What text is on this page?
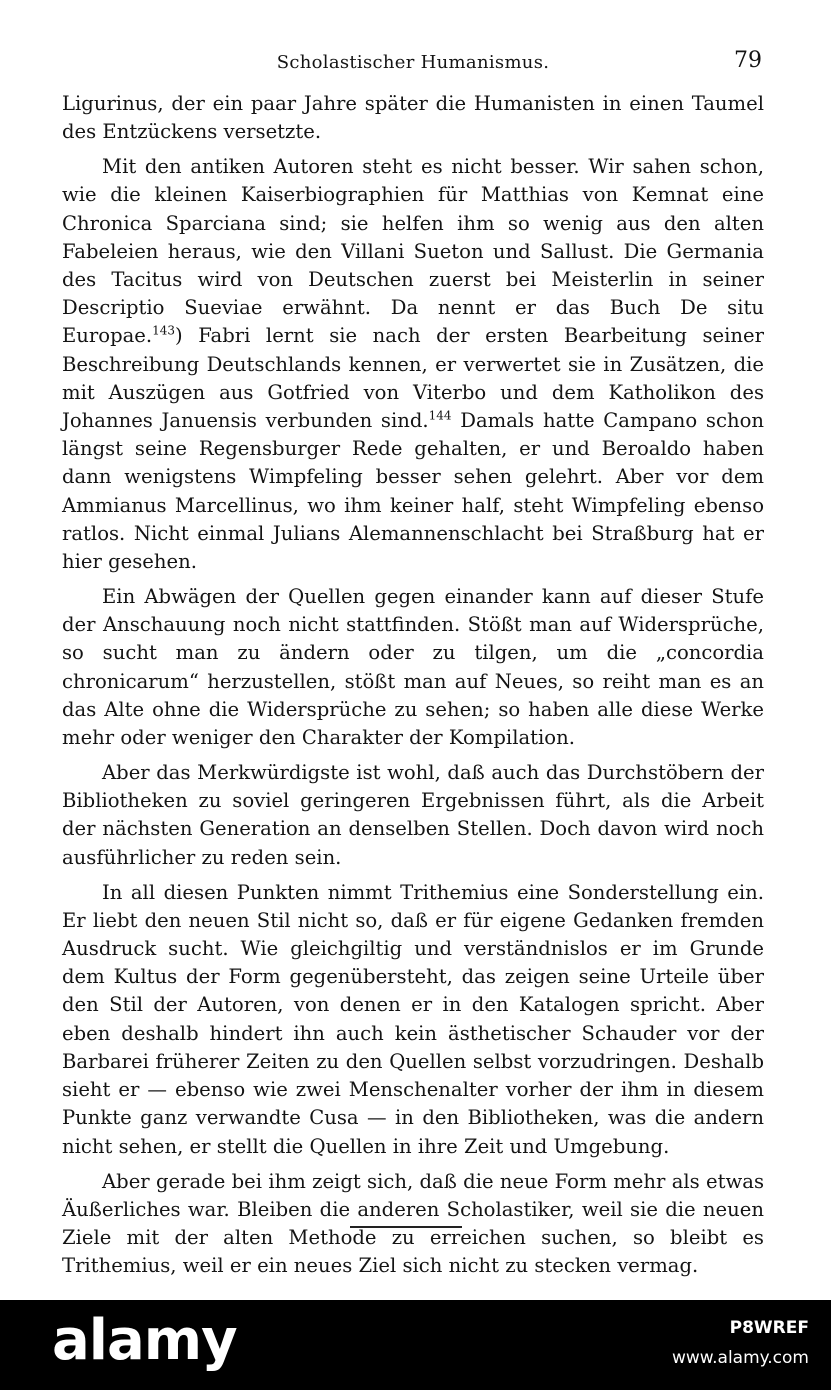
Scholastischer Humanismus.	79

Ligurinus, der ein paar Jahre später die Humanisten in einen Taumel des Entzückens versetzte.

Mit den antiken Autoren steht es nicht besser. Wir sahen schon, wie die kleinen Kaiserbiographien für Matthias von Kemnat eine Chronica Sparciana sind; sie helfen ihm so wenig aus den alten Fabeleien heraus, wie den Villani Sueton und Sallust. Die Germania des Tacitus wird von Deutschen zuerst bei Meisterlin in seiner Descriptio Sueviae erwähnt. Da nennt er das Buch De situ Europae.$^{143}$) Fabri lernt sie nach der ersten Bearbeitung seiner Beschreibung Deutschlands kennen, er verwertet sie in Zusätzen, die mit Auszügen aus Gotfried von Viterbo und dem Katholikon des Johannes Januensis verbunden sind.$^{144}$ Damals hatte Campano schon längst seine Regensburger Rede gehalten, er und Beroaldo haben dann wenigstens Wimpfeling besser sehen gelehrt. Aber vor dem Ammianus Marcellinus, wo ihm keiner half, steht Wimpfeling ebenso ratlos. Nicht einmal Julians Alemannenschlacht bei Straßburg hat er hier gesehen.

Ein Abwägen der Quellen gegen einander kann auf dieser Stufe der Anschauung noch nicht stattfinden. Stößt man auf Widersprüche, so sucht man zu ändern oder zu tilgen, um die „concordia chronicarum“ herzustellen, stößt man auf Neues, so reiht man es an das Alte ohne die Widersprüche zu sehen; so haben alle diese Werke mehr oder weniger den Charakter der Kompilation.

Aber das Merkwürdigste ist wohl, daß auch das Durchstöbern der Bibliotheken zu soviel geringeren Ergebnissen führt, als die Arbeit der nächsten Generation an denselben Stellen. Doch davon wird noch ausführlicher zu reden sein.

In all diesen Punkten nimmt Trithemius eine Sonderstellung ein. Er liebt den neuen Stil nicht so, daß er für eigene Gedanken fremden Ausdruck sucht. Wie gleichgiltig und verständnislos er im Grunde dem Kultus der Form gegenübersteht, das zeigen seine Urteile über den Stil der Autoren, von denen er in den Katalogen spricht. Aber eben deshalb hindert ihn auch kein ästhetischer Schauder vor der Barbarei früherer Zeiten zu den Quellen selbst vorzudringen. Deshalb sieht er — ebenso wie zwei Menschenalter vorher der ihm in diesem Punkte ganz verwandte Cusa — in den Bibliotheken, was die andern nicht sehen, er stellt die Quellen in ihre Zeit und Umgebung.

Aber gerade bei ihm zeigt sich, daß die neue Form mehr als etwas Äußerliches war. Bleiben die anderen Scholastiker, weil sie die neuen Ziele mit der alten Methode zu erreichen suchen, so bleibt es Trithemius, weil er ein neues Ziel sich nicht zu stecken vermag.

alamy	P8WREF
www.alamy.com
